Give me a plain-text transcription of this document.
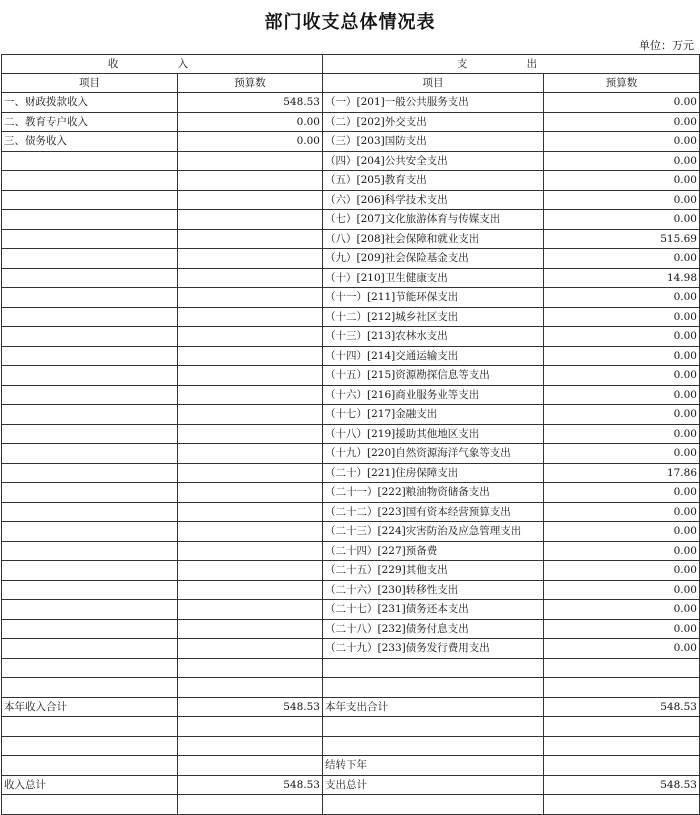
部门收支总体情况表
单位：万元
收 入		支 出	
项目	预算数	项目	预算数
一、财政拨款收入	548.53	（一）[201]一般公共服务支出	0.00
二、教育专户收入	0.00	（二）[202]外交支出	0.00
三、债务收入	0.00	（三）[203]国防支出	0.00
		（四）[204]公共安全支出	0.00
		（五）[205]教育支出	0.00
		（六）[206]科学技术支出	0.00
		（七）[207]文化旅游体育与传媒支出	0.00
		（八）[208]社会保障和就业支出	515.69
		（九）[209]社会保险基金支出	0.00
		（十）[210]卫生健康支出	14.98
		（十一）[211]节能环保支出	0.00
		（十二）[212]城乡社区支出	0.00
		（十三）[213]农林水支出	0.00
		（十四）[214]交通运输支出	0.00
		（十五）[215]资源勘探信息等支出	0.00
		（十六）[216]商业服务业等支出	0.00
		（十七）[217]金融支出	0.00
		（十八）[219]援助其他地区支出	0.00
		（十九）[220]自然资源海洋气象等支出	0.00
		（二十）[221]住房保障支出	17.86
		（二十一）[222]粮油物资储备支出	0.00
		（二十二）[223]国有资本经营预算支出	0.00
		（二十三）[224]灾害防治及应急管理支出	0.00
		（二十四）[227]预备费	0.00
		（二十五）[229]其他支出	0.00
		（二十六）[230]转移性支出	0.00
		（二十七）[231]债务还本支出	0.00
		（二十八）[232]债务付息支出	0.00
		（二十九）[233]债务发行费用支出	0.00

本年收入合计	548.53	本年支出合计	548.53

		结转下年	
收入总计	548.53	支出总计	548.53
